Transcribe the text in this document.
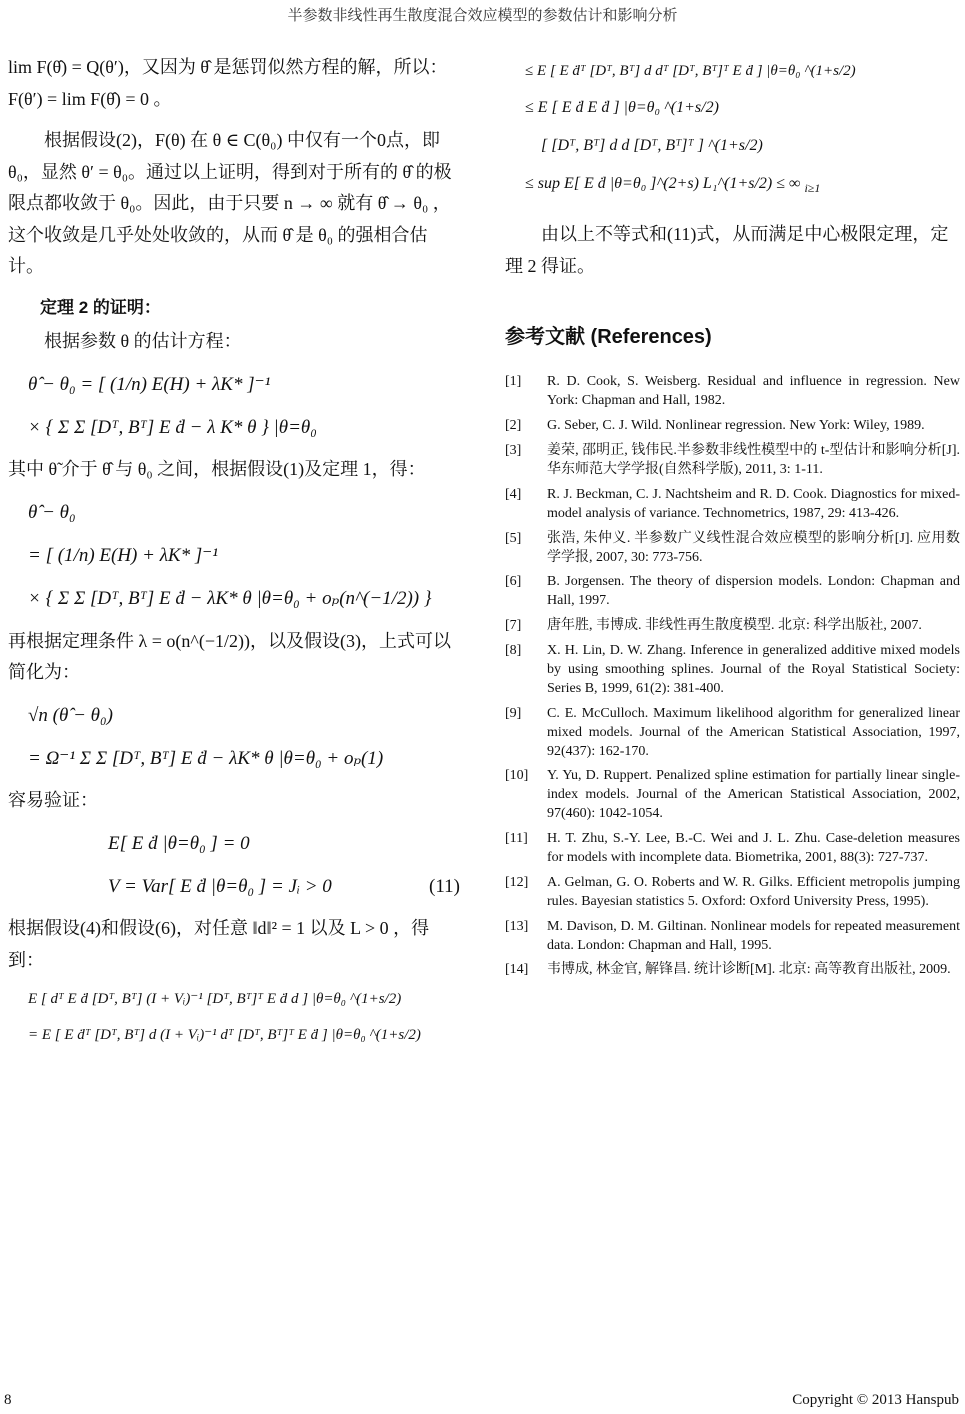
半参数非线性再生散度混合效应模型的参数估计和影响分析

lim F(θ̂) = Q(θ′)，又因为 θ̂ 是惩罚似然方程的解，所以：F(θ′) = lim F(θ̂) = 0 。

根据假设(2)，F(θ) 在 θ ∈ C(θ₀) 中仅有一个0点，即 θ₀，显然 θ′ = θ₀。通过以上证明，得到对于所有的 θ̂ 的极限点都收敛于 θ₀。因此，由于只要 n → ∞ 就有 θ̂ → θ₀ ，这个收敛是几乎处处收敛的，从而 θ̂ 是 θ₀ 的强相合估计。

定理 2 的证明：

根据参数 θ 的估计方程：

θ̂ − θ₀ = [ (1/n) E(H) + λK* ]⁻¹
× { Σ Σ [Dᵀ, Bᵀ] E ḋ − λ K* θ } |θ=θ₀

其中 θ̃ 介于 θ̂ 与 θ₀ 之间，根据假设(1)及定理 1，得：

θ̂ − θ₀
= [ (1/n) E(H) + λK* ]⁻¹
× { Σ Σ [Dᵀ, Bᵀ] E ḋ − λK* θ |θ=θ₀ + oₚ(n^(−1/2)) }

再根据定理条件 λ = o(n^(−1/2))，以及假设(3)，上式可以简化为：

√n (θ̂ − θ₀)
= Ω⁻¹ Σ Σ [Dᵀ, Bᵀ] E ḋ − λK* θ |θ=θ₀ + oₚ(1)

容易验证：

E[ E ḋ |θ=θ₀ ] = 0
V = Var[ E ḋ |θ=θ₀ ] = Jᵢ > 0	(11)

根据假设(4)和假设(6)，对任意 ‖d‖² = 1 以及 L > 0 ，得到：

E [ dᵀ E ḋ [Dᵀ, Bᵀ] (I + Vᵢ)⁻¹ [Dᵀ, Bᵀ]ᵀ E ḋ d ] |θ=θ₀ ^(1+s/2)
= E [ E ḋᵀ [Dᵀ, Bᵀ] d (I + Vᵢ)⁻¹ dᵀ [Dᵀ, Bᵀ]ᵀ E ḋ ] |θ=θ₀ ^(1+s/2)
≤ E [ E ḋᵀ [Dᵀ, Bᵀ] d dᵀ [Dᵀ, Bᵀ]ᵀ E ḋ ] |θ=θ₀ ^(1+s/2)
≤ E [ E ḋ E ḋ ] |θ=θ₀ ^(1+s/2)
[ [Dᵀ, Bᵀ] d d [Dᵀ, Bᵀ]ᵀ ] ^(1+s/2)
≤ sup E[ E ḋ |θ=θ₀ ]^(2+s) L₁^(1+s/2) ≤ ∞ $_{i\ge 1}$

由以上不等式和(11)式，从而满足中心极限定理，定理 2 得证。

参考文献 (References)
[1]	R. D. Cook, S. Weisberg. Residual and influence in regression. New York: Chapman and Hall, 1982.
[2]	G. Seber, C. J. Wild. Nonlinear regression. New York: Wiley, 1989.
[3]	姜荣, 邵明正, 钱伟民.半参数非线性模型中的 t-型估计和影响分析[J]. 华东师范大学学报(自然科学版), 2011, 3: 1-11.
[4]	R. J. Beckman, C. J. Nachtsheim and R. D. Cook. Diagnostics for mixed-model analysis of variance. Technometrics, 1987, 29: 413-426.
[5]	张浩, 朱仲义. 半参数广义线性混合效应模型的影响分析[J]. 应用数学学报, 2007, 30: 773-756.
[6]	B. Jorgensen. The theory of dispersion models. London: Chapman and Hall, 1997.
[7]	唐年胜, 韦博成. 非线性再生散度模型. 北京: 科学出版社, 2007.
[8]	X. H. Lin, D. W. Zhang. Inference in generalized additive mixed models by using smoothing splines. Journal of the Royal Statistical Society: Series B, 1999, 61(2): 381-400.
[9]	C. E. McCulloch. Maximum likelihood algorithm for generalized linear mixed models. Journal of the American Statistical Association, 1997, 92(437): 162-170.
[10]	Y. Yu, D. Ruppert. Penalized spline estimation for partially linear single-index models. Journal of the American Statistical Association, 2002, 97(460): 1042-1054.
[11]	H. T. Zhu, S.-Y. Lee, B.-C. Wei and J. L. Zhu. Case-deletion measures for models with incomplete data. Biometrika, 2001, 88(3): 727-737.
[12]	A. Gelman, G. O. Roberts and W. R. Gilks. Efficient metropolis jumping rules. Bayesian statistics 5. Oxford: Oxford University Press, 1995).
[13]	M. Davison, D. M. Giltinan. Nonlinear models for repeated measurement data. London: Chapman and Hall, 1995.
[14]	韦博成, 林金官, 解锋昌. 统计诊断[M]. 北京: 高等教育出版社, 2009.
8	Copyright © 2013 Hanspub
